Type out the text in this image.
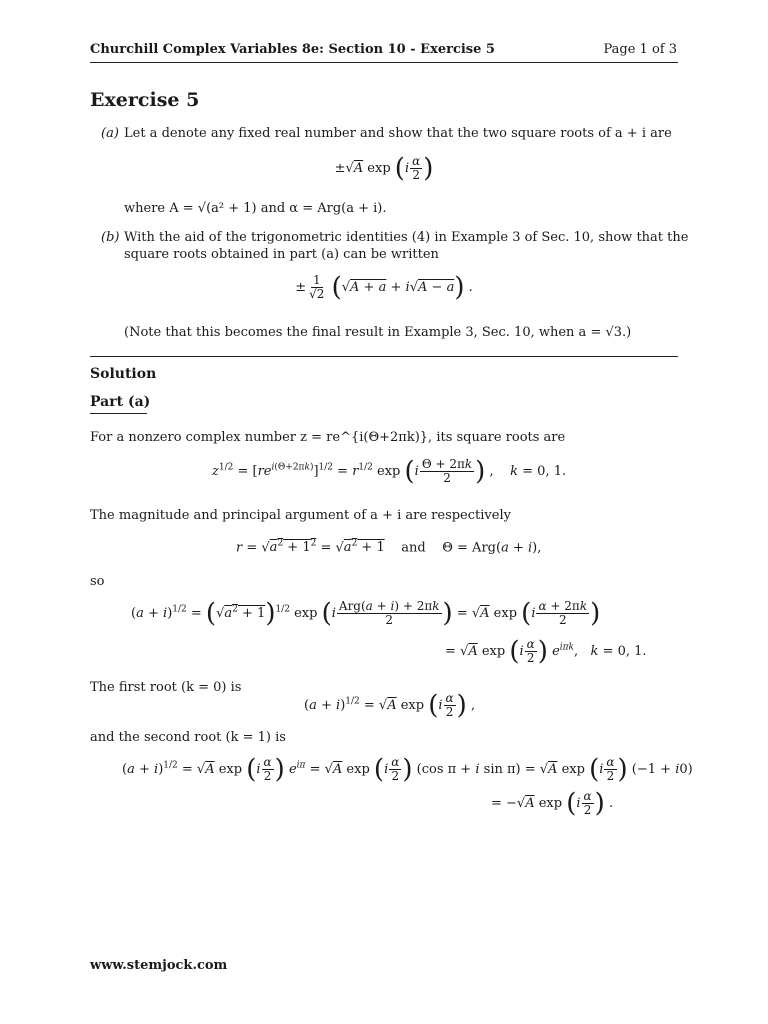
Churchill Complex Variables 8e: Section 10 - Exercise 5	Page 1 of 3
Exercise 5
(a) Let a denote any fixed real number and show that the two square roots of a + i are
±√A $\exp (i \frac{\alpha}{2}$ )
where A = √(a² + 1) and α = Arg(a + i).
(b) With the aid of the trigonometric identities (4) in Example 3 of Sec. 10, show that the
square roots obtained in part (a) can be written
± $\frac{1}{√2} (√A + a + i√A - a)$ .
(Note that this becomes the final result in Example 3, Sec. 10, when a = √3.)
Solution
Part (a)
For a nonzero complex number z = re^{i(Θ+2πk)}, its square roots are
$z^{1/2} = [re^{i(\Theta+2\pi k)}]^{1/2} = r^{1/2}$ $\exp (i \frac{\Theta + 2\pi k}{2}$ ) ,    k = 0, 1.
The magnitude and principal argument of a + i are respectively
$r = √a^2 + 1^2 = √a^2 + 1$    and    Θ = Arg(a + i),
so
$(a + i)^{1/2} = (√a^2 + 1)^{1/2}$ $\exp (i \frac{\text{Arg(a + i) + 2πk}}{2}$ ) = √A $\exp (i \frac{\alpha + 2\pi k}{2}$ )
= √A $\exp (i \frac{\alpha}{2}$ ) $e^{i\pi k}$,   k = 0, 1.
The first root (k = 0) is
$(a + i)^{1/2} = √A$ $\exp (i \frac{\alpha}{2}$ ) ,
and the second root (k = 1) is
$(a + i)^{1/2} = √A$ $\exp (i \frac{\alpha}{2}$ ) $e^{i\pi} = √A$ $\exp (i \frac{\alpha}{2}$ ) (cos π + i sin π) = √A $\exp (i \frac{\alpha}{2}$ ) (−1 + i0)
= −√A $\exp (i \frac{\alpha}{2}$ ) .
www.stemjock.com
